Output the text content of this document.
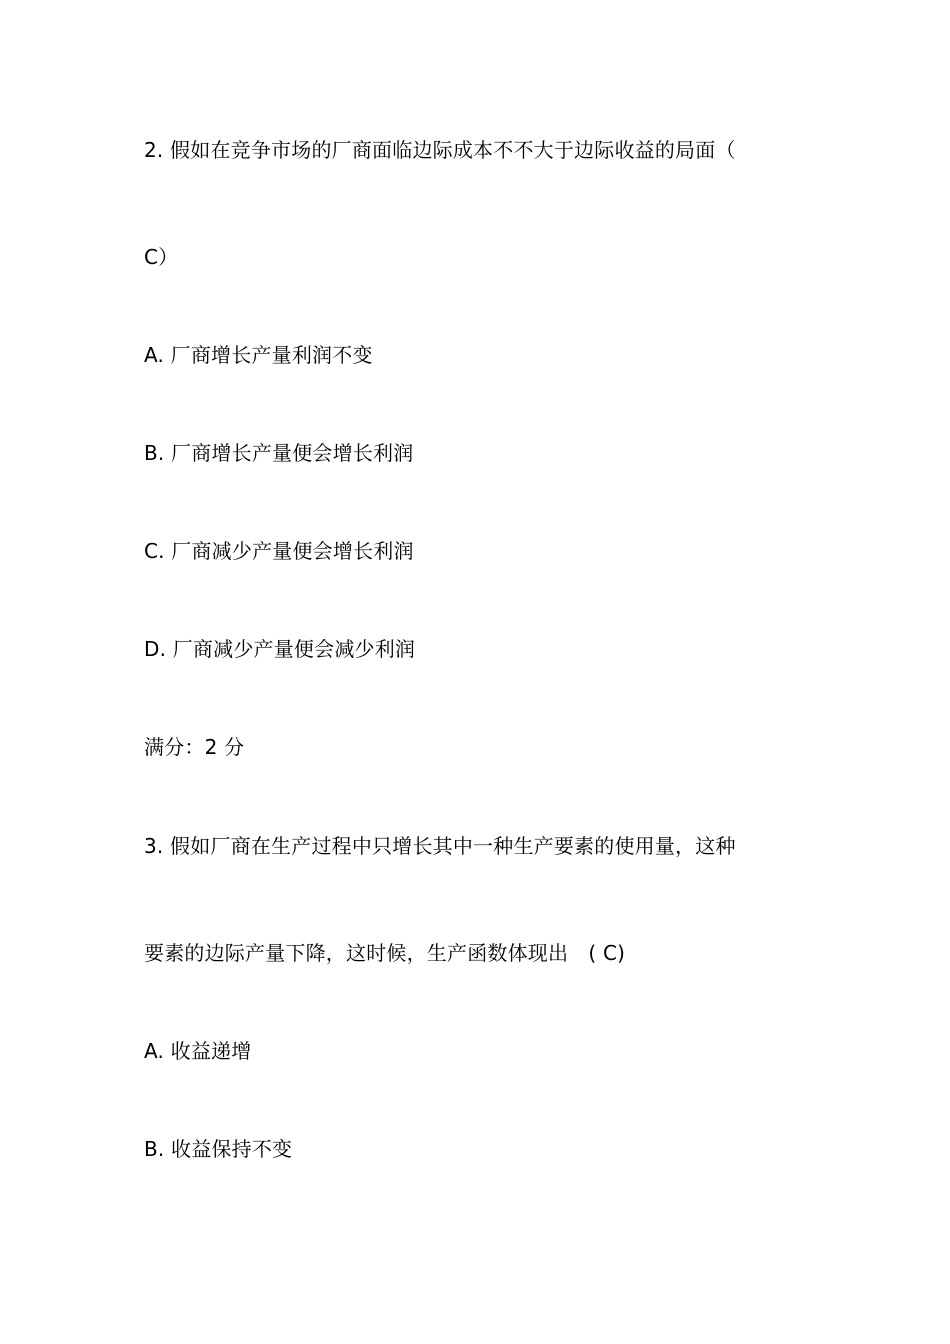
2. 假如在竞争市场的厂商面临边际成本不不大于边际收益的局面（
C）
A. 厂商增长产量利润不变
B. 厂商增长产量便会增长利润
C. 厂商减少产量便会增长利润
D. 厂商减少产量便会减少利润
满分：2 分
3. 假如厂商在生产过程中只增长其中一种生产要素的使用量，这种
要素的边际产量下降，这时候，生产函数体现出　( C)
A. 收益递增
B. 收益保持不变
